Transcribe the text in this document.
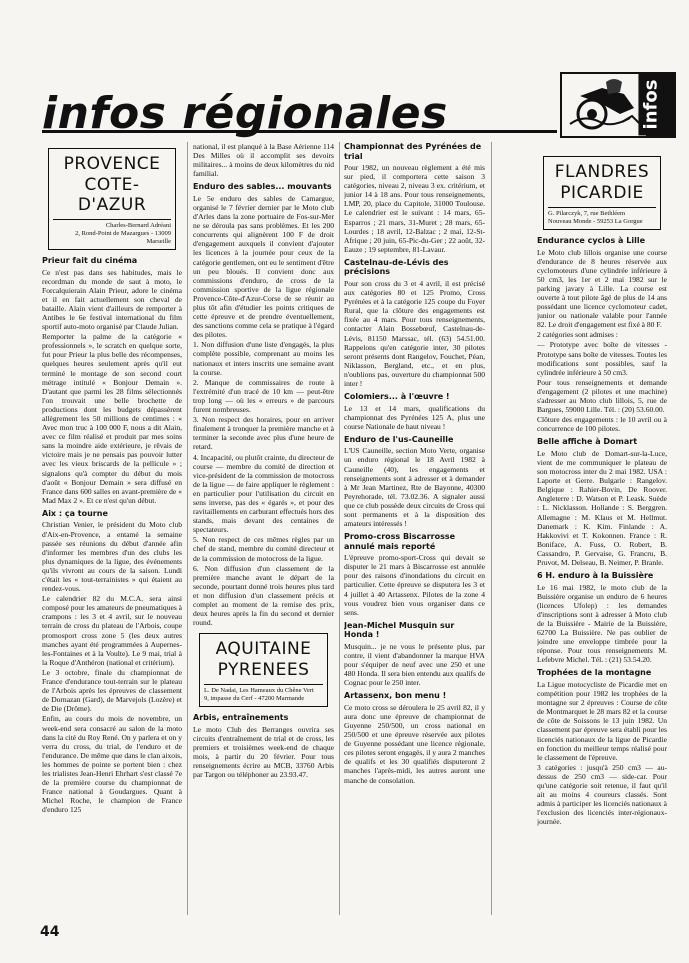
infos régionales	infos

PROVENCE

COTE-D'AZUR

Charles-Bernard Adréani
2, Rond-Point de Mazargues - 13009 Marseille
Prieur fait du cinéma

Ce n'est pas dans ses habitudes, mais le recordman du monde de saut à moto, le Forcalquierain Alain Prieur, adore le cinéma et il en fait actuellement son cheval de bataille. Alain vient d'ailleurs de remporter à Antibes le 6e festival international du film sportif auto-moto organisé par Claude Julian.

Remporter la palme de la catégorie « professionnels », le scratch en quelque sorte, fut pour Prieur la plus belle des récompenses, quelques heures seulement après qu'il eut terminé le montage de son second court métrage intitulé « Bonjour Demain ». D'autant que parmi les 28 films sélectionnés l'on trouvait une belle brochette de productions dont les budgets dépassèrent allègrement les 50 millions de centimes : « Avec mon truc à 100 000 F, nous a dit Alain, avec ce film réalisé et produit par mes soins sans la moindre aide extérieure, je rêvais de victoire mais je ne pensais pas pouvoir lutter avec les vieux briscards de la pellicule » ; signalons qu'à compter du début du mois d'août « Bonjour Demain » sera diffusé en France dans 600 salles en avant-première de « Mad Max 2 ». Et ce n'est qu'un début.

Aix : ça tourne

Christian Venier, le président du Moto club d'Aix-en-Provence, a entamé la semaine passée ses réunions du début d'année afin d'informer les membres d'un des clubs les plus dynamiques de la ligue, des événements qu'ils vivront au cours de la saison. Lundi c'était les « tout-terrainistes » qui étaient au rendez-vous.

Le calendrier 82 du M.C.A. sera ainsi composé pour les amateurs de pneumatiques à crampons : les 3 et 4 avril, sur le nouveau terrain de cross du plateau de l'Arbois, coupe promosport cross zone 5 (les deux autres manches ayant été programmées à Aupernes-les-Fontaines et à la Voulte). Le 9 mai, trial à la Roque d'Anthéron (national et critérium).

Le 3 octobre, finale du championnat de France d'endurance tout-terrain sur le plateau de l'Arbois après les épreuves de classement de Dornazan (Gard), de Marvejols (Lozère) et de Die (Drôme).

Enfin, au cours du mois de novembre, un week-end sera consacré au salon de la moto dans la cité du Roy René. On y parlera et on y verra du cross, du trial, de l'enduro et de l'endurance. De même que dans le clan aixois, les hommes de pointe se portent bien : chez les trialistes Jean-Henri Ehrhart s'est classé 7e de la première course du championnat de France national à Goudargues. Quant à Michel Roche, le champion de France d'enduro 125

national, il est planqué à la Base Aérienne 114 Des Milles où il accomplit ses devoirs militaires... à moins de deux kilomètres du nid familial.

Enduro des sables... mouvants

Le 5e enduro des sables de Camargue, organisé le 7 février dernier par le Moto club d'Arles dans la zone portuaire de Fos-sur-Mer ne se déroula pas sans problèmes. Et les 200 concurrents qui alignèrent 100 F de droit d'engagement auxquels il convient d'ajouter les licences à la journée pour ceux de la catégorie gentlemen, ont eu le sentiment d'être un peu bloués. Il convient donc aux commissions d'enduro, de cross de la commission sportive de la ligue régionale Provence-Côte-d'Azur-Corse de se réunir au plus tôt afin d'étudier les points critiques de cette épreuve et de prendre éventuellement, des sanctions comme cela se pratique à l'égard des pilotes.

1. Non diffusion d'une liste d'engagés, la plus complète possible, comprenant au moins les nationaux et inters inscrits une semaine avant la course.

2. Manque de commissaires de route à l'extrémité d'un tracé de 10 km — peut-être trop long — où les « erreurs » de parcours furent nombreuses.

3. Non respect des horaires, pour en arriver finalement à tronquer la première manche et à terminer la seconde avec plus d'une heure de retard.

4. Incapacité, ou plutôt crainte, du directeur de course — membre du comité de direction et vice-président de la commission de motocross de la ligue — de faire appliquer le règlement : en particulier pour l'utilisation du circuit en sens inverse, pas des « égarés », et pour des ravitaillements en carburant effectués hors des stands, mais devant des centaines de spectateurs.

5. Non respect de ces mêmes règles par un chef de stand, membre du comité directeur et de la commission de motocross de la ligue.

6. Non diffusion d'un classement de la première manche avant le départ de la seconde, pourtant donné trois heures plus tard et non diffusion d'un classement précis et complet au moment de la remise des prix, deux heures après la fin du second et dernier round.

AQUITAINE

PYRENEES

L. De Nadai, Les Hameaux du Chêne Vert
9, impasse du Cerf - 47200 Marmande
Arbis, entraînements

Le moto Club des Berranges ouvrira ses circuits d'entraînement de trial et de cross, les premiers et troisièmes week-end de chaque mois, à partir du 20 février. Pour tous renseignements écrire au MCB, 33760 Arbis par Targon ou téléphoner au 23.93.47.

Championnat des Pyrénées de trial

Pour 1982, un nouveau règlement a été mis sur pied, il comportera cette saison 3 catégories, niveau 2, niveau 3 ex. critérium, et junior 14 à 18 ans. Pour tous renseignements, LMP, 20, place du Capitole, 31000 Toulouse. Le calendrier est le suivant : 14 mars, 65-Esparros ; 21 mars, 31-Muret ; 28 mars, 65-Lourdes ; 18 avril, 12-Balzac ; 2 mai, 12-St-Afrique ; 20 juin, 65-Pic-du-Ger ; 22 août, 32-Eauze ; 19 septembre, 81-Lavaur.

Castelnau-de-Lévis des précisions

Pour son cross du 3 et 4 avril, il est précisé aux catégories 80 et 125 Promo, Cross Pyrénées et à la catégorie 125 coupe du Foyer Rural, que la clôture des engagements est fixée au 4 mars. Pour tous renseignements, contacter Alain Bossebœuf, Castelnau-de-Lévis, 81150 Marssac, tél. (63) 54.51.00. Rappelons qu'en catégorie inter, 30 pilotes seront présents dont Rangelov, Fouchet, Péan, Niklasson, Bergland, etc., et en plus, n'oublions pas, ouverture du championnat 500 inter !

Colomiers... à l'œuvre !

Le 13 et 14 mars, qualifications du championnat des Pyrénées 125 A, plus une course Nationale de haut niveau !

Enduro de l'us-Cauneille

L'US Cauneille, section Moto Verte, organise un enduro régional le 18 Avril 1982 à Cauneille (40), les engagements et renseignements sont à adresser et à demander à Mr Jean Martinez, Rte de Bayonne, 40300 Peyrehorade, tél. 73.02.36. A signaler aussi que ce club possède deux circuits de Cross qui sont permanents et à la disposition des amateurs intéressés !

Promo-cross Biscarrosse annulé mais reporté

L'épreuve promo-sport-Cross qui devait se disputer le 21 mars à Biscarrosse est annulée pour des raisons d'inondations du circuit en particulier. Cette épreuve se disputera les 3 et 4 juillet à 40 Artassenx. Pilotes de la zone 4 vous voudrez bien vous organiser dans ce sens.

Jean-Michel Musquin sur Honda !

Musquin... je ne vous le présente plus, par contre, il vient d'abandonner la marque HVA pour s'équiper de neuf avec une 250 et une 480 Honda. Il sera bien entendu aux qualifs de Cognac pour le 250 inter.

Artassenx, bon menu !

Ce moto cross se déroulera le 25 avril 82, il y aura donc une épreuve de championnat de Guyenne 250/500, un cross national en 250/500 et une épreuve réservée aux pilotes de Guyenne possédant une licence régionale, ces pilotes seront engagés, il y aura 2 manches de qualifs et les 30 qualifiés disputeront 2 manches l'après-midi, les autres auront une manche de consolation.

FLANDRES

PICARDIE

G. Pilarczyk, 7, rue Bethléem
Nouveau Monde - 59253 La Gorgue
Endurance cyclos à Lille

Le Moto club lillois organise une course d'endurance de 8 heures réservée aux cyclomoteurs d'une cylindrée inférieure à 50 cm3, les 1er et 2 mai 1982 sur le parking javary à Lille. La course est ouverte à tout pilote âgé de plus de 14 ans possédant une licence cyclomoteur cadet, junior ou nationale valable pour l'année 82. Le droit d'engagement est fixé à 80 F.

2 catégories sont admises :

— Prototype avec boîte de vitesses - Prototype sans boîte de vitesses. Toutes les modifications sont possibles, sauf la cylindrée inférieure à 50 cm3.

Pour tous renseignements et demande d'engagement (2 pilotes et une machine) s'adresser au Moto club lillois, 5, rue de Bargues, 59000 Lille. Tél. : (20) 53.60.00.

Clôture des engagements : le 10 avril ou à concurrence de 100 pilotes.

Belle affiche à Domart

Le Moto club de Domart-sur-la-Luce, vient de me communiquer le plateau de son motocross inter du 2 mai 1982. USA : Laporte et Gerre. Bulgarie : Rangelov. Belgique : Rahier-Bovin, De Roover. Angleterre : D. Watson et P. Leask. Suède : L. Nicklasson. Hollande : S. Berggren. Allemagne : M. Klaus et M. Hellmut. Danemark : K. Kim. Finlande : A. Hakkovivi et T. Kokonnen. France : R. Boniface, A. Fuss, O. Robert, B. Cassandro, P. Gervaise, G. Francru, B. Pruvot, M. Delseau, B. Neimer, P. Branle.

6 H. enduro à la Buissière

Le 16 mai 1982, le moto club de la Buissière organise un enduro de 6 heures (licences Ufolep) : les demandes d'inscriptions sont à adresser à Moto club de la Buissière - Mairie de la Buissière, 62700 La Buissière. Ne pas oublier de joindre une enveloppe timbrée pour la réponse. Pour tous renseignements M. Lefebvre Michel. Tél. : (21) 53.54.20.

Trophées de la montagne

La Ligue motocycliste de Picardie met en compétition pour 1982 les trophées de la montagne sur 2 épreuves : Course de côte de Montmarquet le 28 mars 82 et la course de côte de Soissons le 13 juin 1982. Un classement par épreuve sera établi pour les licenciés nationaux de la ligue de Picardie en fonction du meilleur temps réalisé pour le classement de l'épreuve.

3 catégories : jusqu'à 250 cm3 — au-dessus de 250 cm3 — side-car. Pour qu'une catégorie soit retenue, il faut qu'il ait au moins 4 coureurs classés. Sont admis à participer les licenciés nationaux à l'exclusion des licenciés inter-régionaux-journée.

44
